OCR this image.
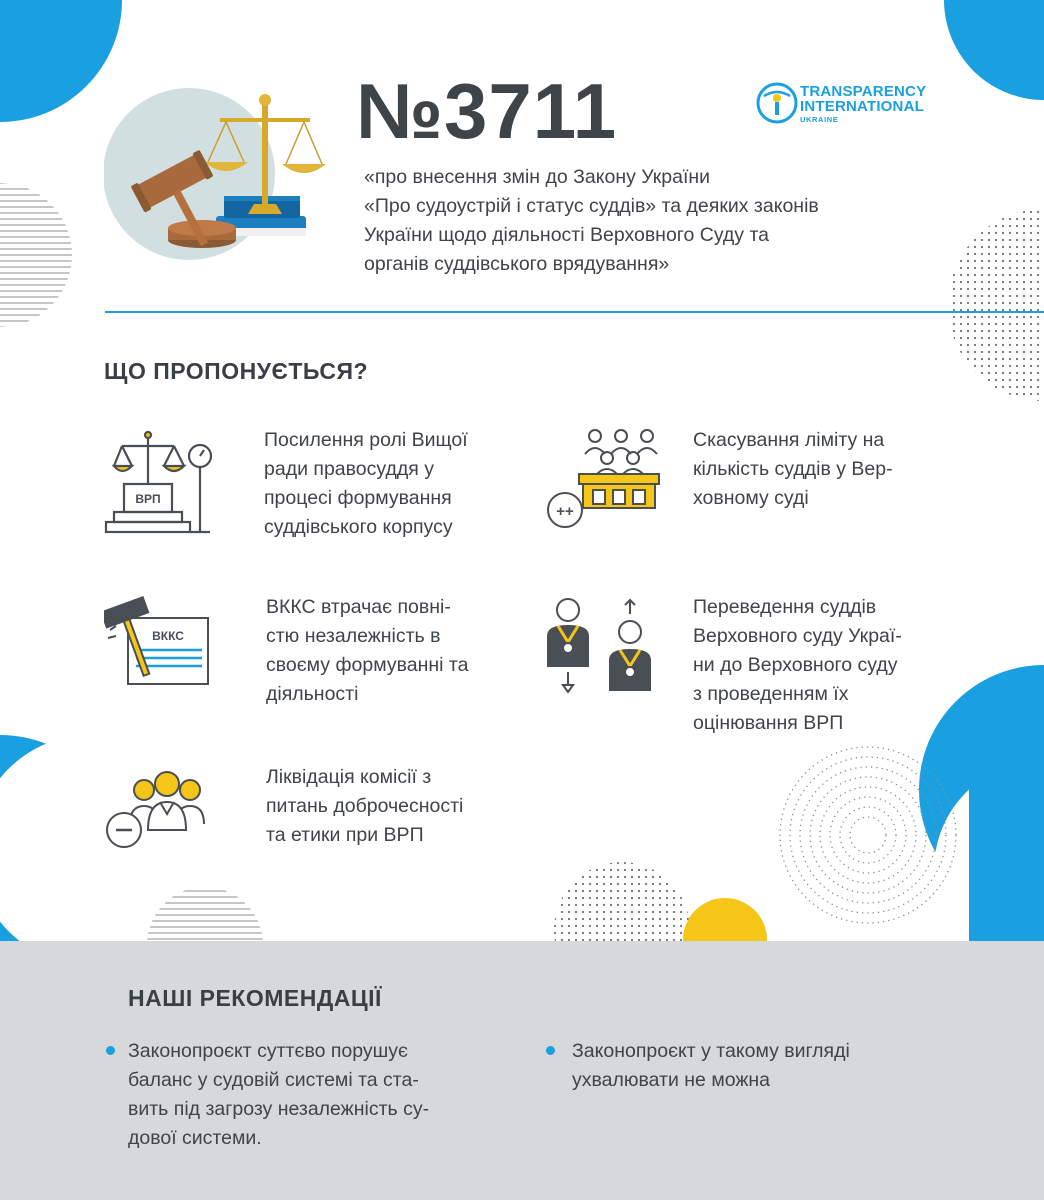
№3711
«про внесення змін до Закону України
«Про судоустрій і статус суддів» та деяких законів
України щодо діяльності Верховного Суду та
органів суддівського врядування»
TRANSPARENCY
INTERNATIONAL
UKRAINE
ЩО ПРОПОНУЄТЬСЯ?
ВРП
Посилення ролі Вищої
ради правосуддя у
процесі формування
суддівського корпусу
++
Скасування ліміту на
кількість суддів у Вер-
ховному суді
ВККС
ВККС втрачає повні-
стю незалежність в
своєму формуванні та
діяльності
Переведення суддів
Верховного суду Украї-
ни до Верховного суду
з проведенням їх
оцінювання ВРП
Ліквідація комісії з
питань доброчесності
та етики при ВРП
НАШІ РЕКОМЕНДАЦІЇ
Законопроєкт суттєво порушує
баланс у судовій системі та ста-
вить під загрозу незалежність су-
дової системи.
Законопроєкт у такому вигляді
ухвалювати не можна
